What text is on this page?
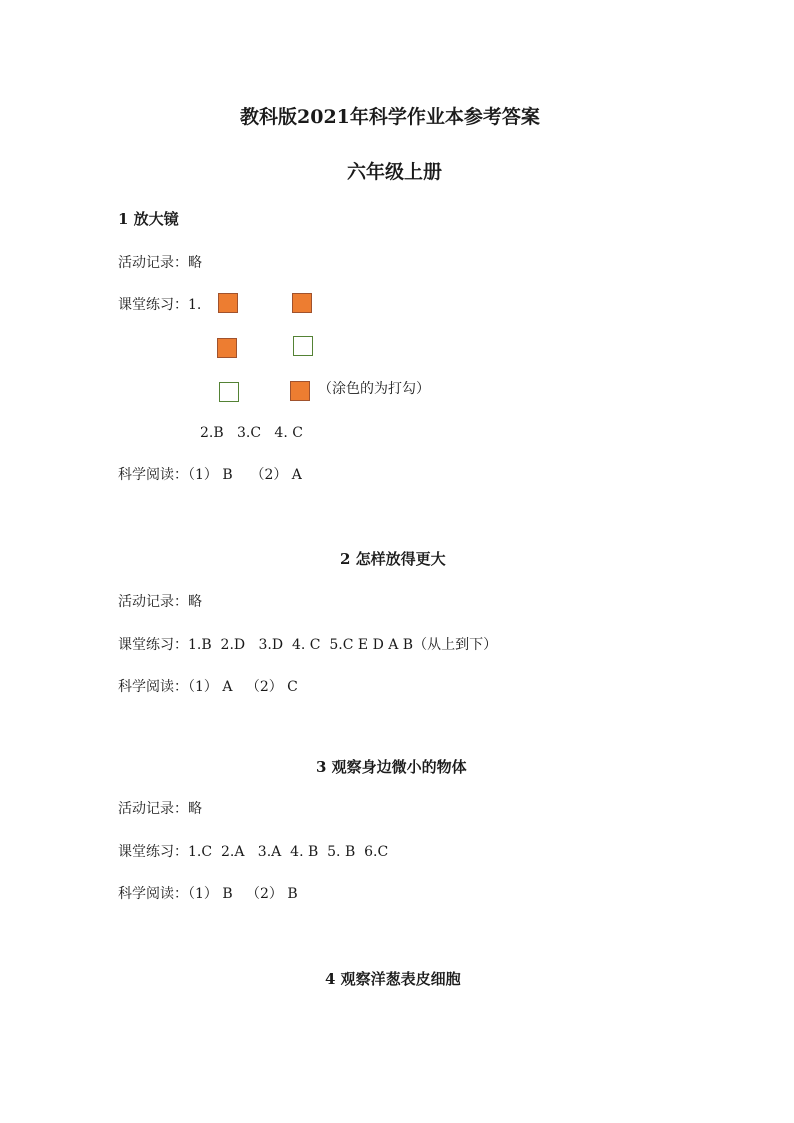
教科版2021年科学作业本参考答案
六年级上册
1 放大镜
活动记录：略
课堂练习：1.
（涂色的为打勾）
2.B   3.C   4. C
科学阅读：（1） B    （2） A
2 怎样放得更大
活动记录：略
课堂练习：1.B  2.D   3.D  4. C  5.C E D A B（从上到下）
科学阅读：（1） A   （2） C
3 观察身边微小的物体
活动记录：略
课堂练习：1.C  2.A   3.A  4. B  5. B  6.C
科学阅读：（1） B   （2） B
4 观察洋葱表皮细胞
